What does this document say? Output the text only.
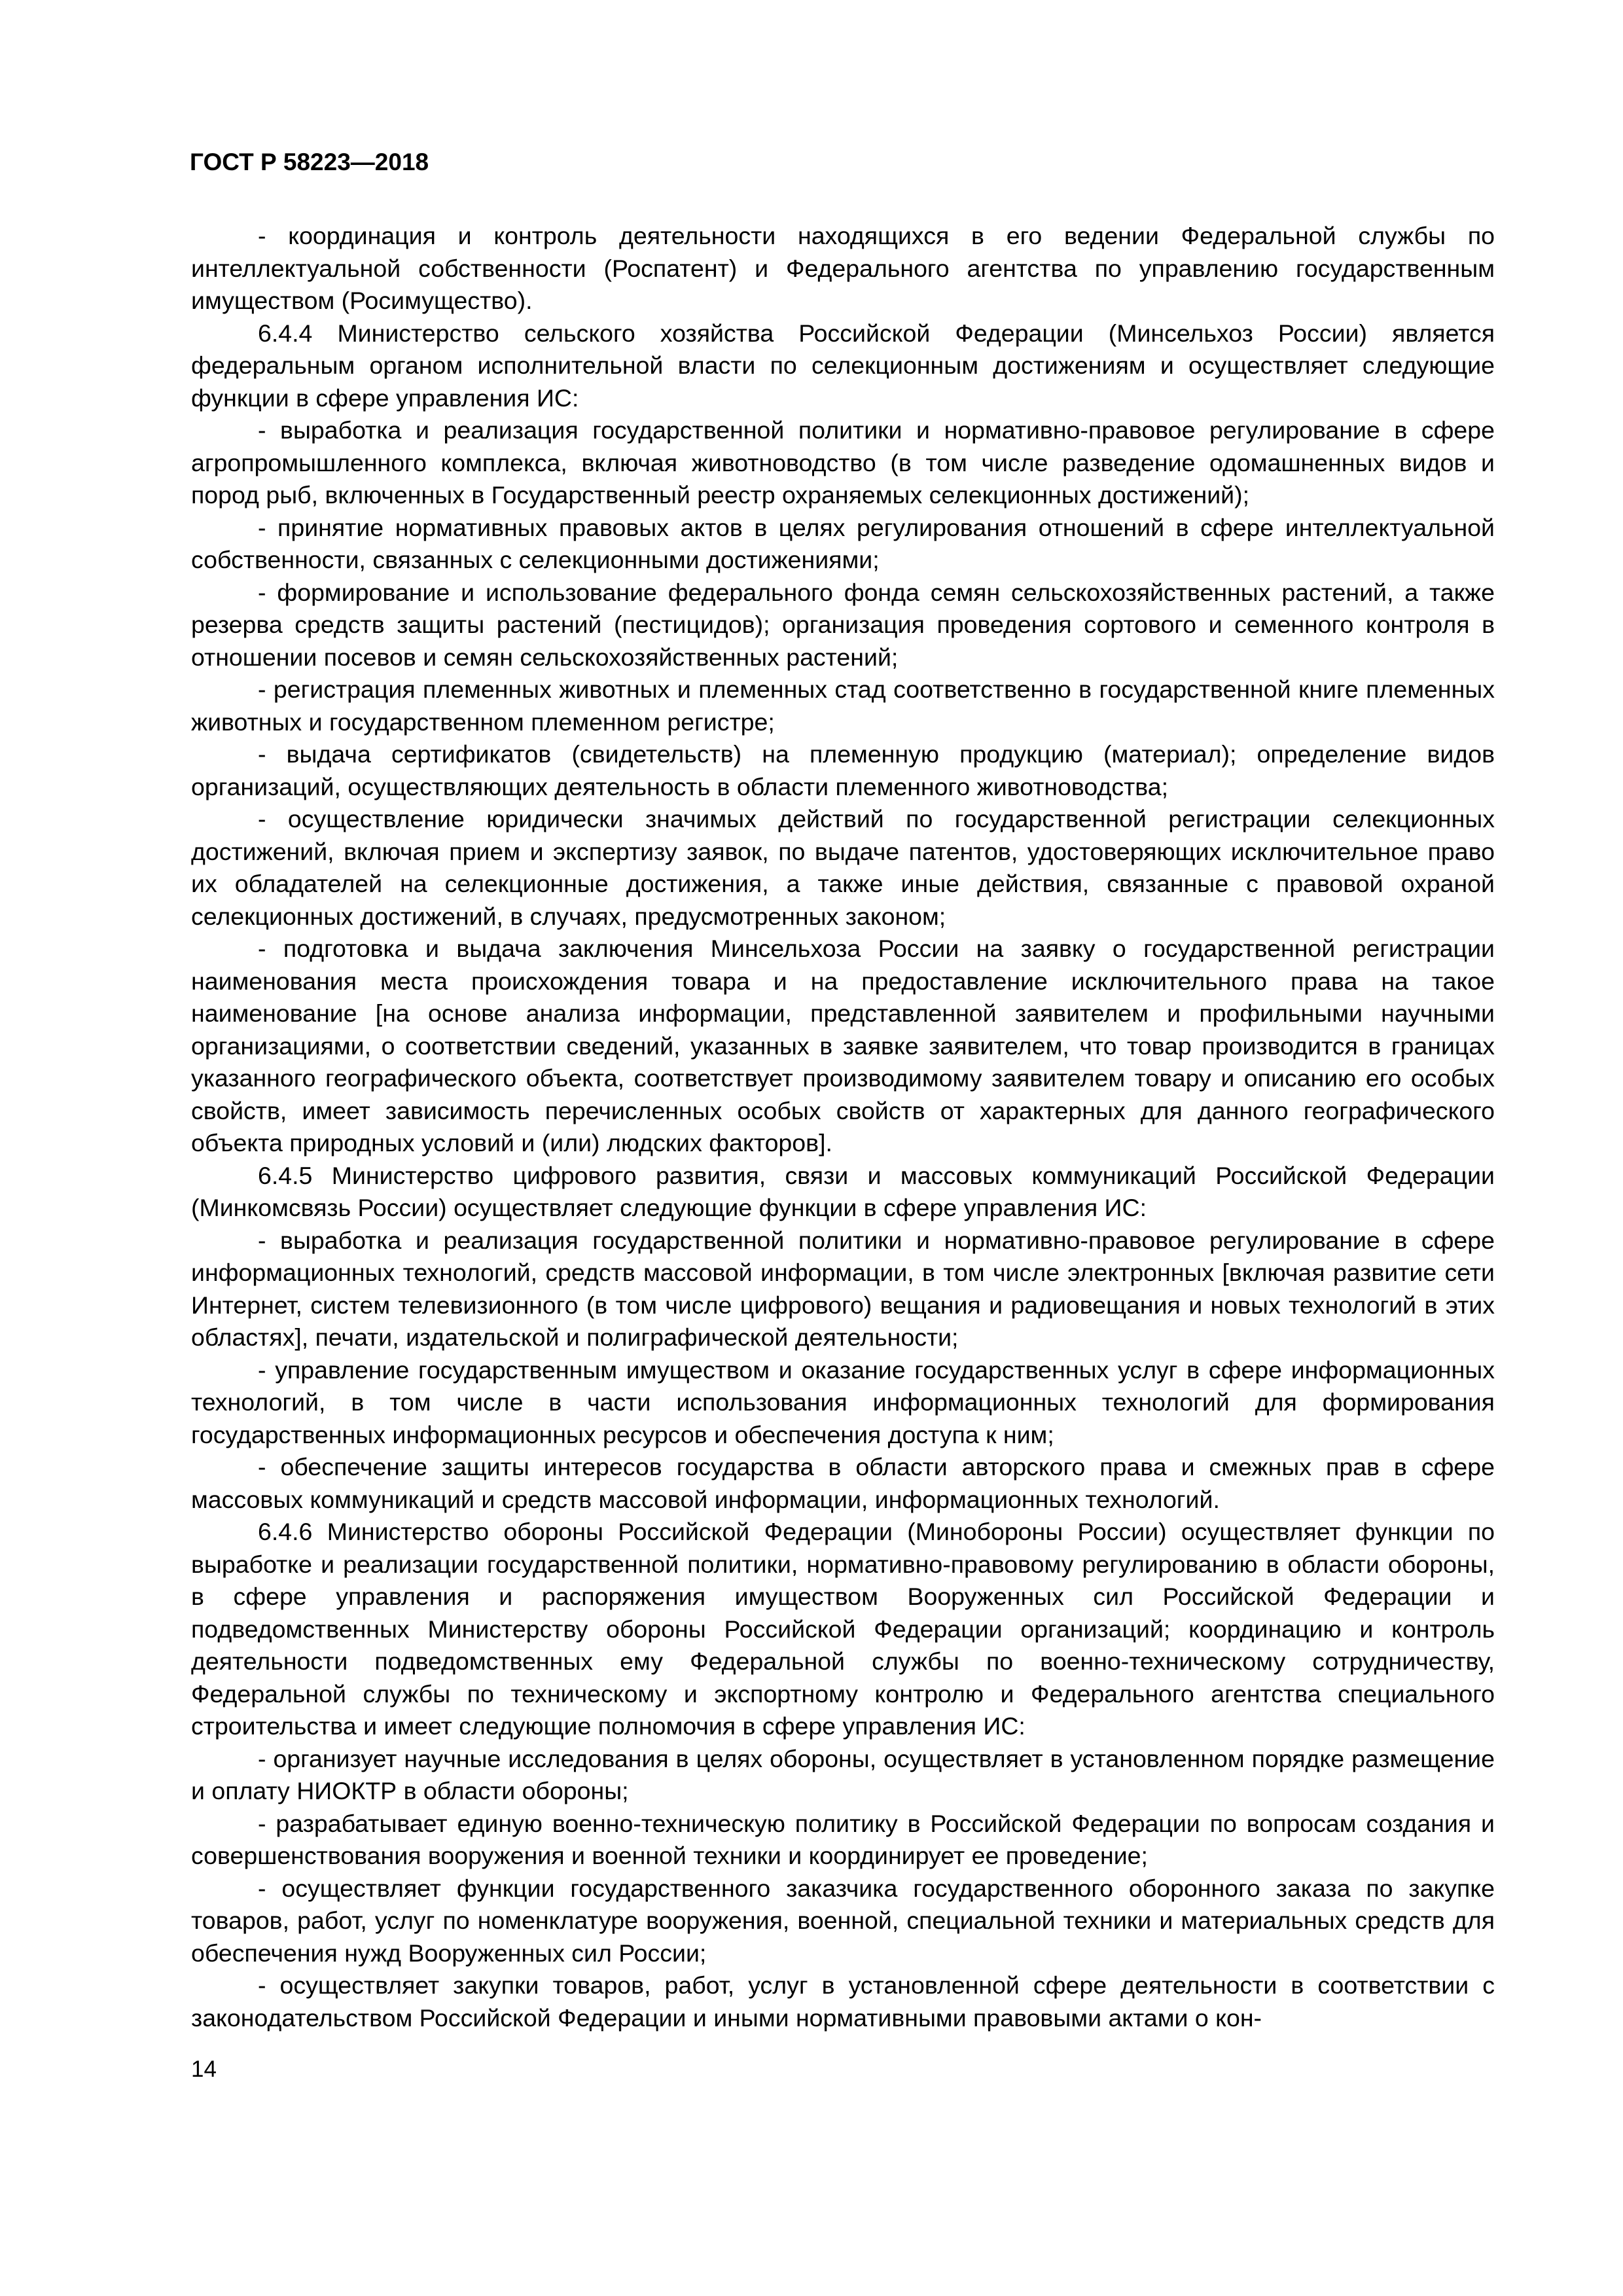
ГОСТ Р 58223—2018

- координация и контроль деятельности находящихся в его ведении Федеральной службы по интеллектуальной собственности (Роспатент) и Федерального агентства по управлению государственным имуществом (Росимущество).

6.4.4 Министерство сельского хозяйства Российской Федерации (Минсельхоз России) является федеральным органом исполнительной власти по селекционным достижениям и осуществляет следующие функции в сфере управления ИС:

- выработка и реализация государственной политики и нормативно-правовое регулирование в сфере агропромышленного комплекса, включая животноводство (в том числе разведение одомашненных видов и пород рыб, включенных в Государственный реестр охраняемых селекционных достижений);

- принятие нормативных правовых актов в целях регулирования отношений в сфере интеллектуальной собственности, связанных с селекционными достижениями;

- формирование и использование федерального фонда семян сельскохозяйственных растений, а также резерва средств защиты растений (пестицидов); организация проведения сортового и семенного контроля в отношении посевов и семян сельскохозяйственных растений;

- регистрация племенных животных и племенных стад соответственно в государственной книге племенных животных и государственном племенном регистре;

- выдача сертификатов (свидетельств) на племенную продукцию (материал); определение видов организаций, осуществляющих деятельность в области племенного животноводства;

- осуществление юридически значимых действий по государственной регистрации селекционных достижений, включая прием и экспертизу заявок, по выдаче патентов, удостоверяющих исключительное право их обладателей на селекционные достижения, а также иные действия, связанные с правовой охраной селекционных достижений, в случаях, предусмотренных законом;

- подготовка и выдача заключения Минсельхоза России на заявку о государственной регистрации наименования места происхождения товара и на предоставление исключительного права на такое наименование [на основе анализа информации, представленной заявителем и профильными научными организациями, о соответствии сведений, указанных в заявке заявителем, что товар производится в границах указанного географического объекта, соответствует производимому заявителем товару и описанию его особых свойств, имеет зависимость перечисленных особых свойств от характерных для данного географического объекта природных условий и (или) людских факторов].

6.4.5 Министерство цифрового развития, связи и массовых коммуникаций Российской Федерации (Минкомсвязь России) осуществляет следующие функции в сфере управления ИС:

- выработка и реализация государственной политики и нормативно-правовое регулирование в сфере информационных технологий, средств массовой информации, в том числе электронных [включая развитие сети Интернет, систем телевизионного (в том числе цифрового) вещания и радиовещания и новых технологий в этих областях], печати, издательской и полиграфической деятельности;

- управление государственным имуществом и оказание государственных услуг в сфере информационных технологий, в том числе в части использования информационных технологий для формирования государственных информационных ресурсов и обеспечения доступа к ним;

- обеспечение защиты интересов государства в области авторского права и смежных прав в сфере массовых коммуникаций и средств массовой информации, информационных технологий.

6.4.6 Министерство обороны Российской Федерации (Минобороны России) осуществляет функции по выработке и реализации государственной политики, нормативно-правовому регулированию в области обороны, в сфере управления и распоряжения имуществом Вооруженных сил Российской Федерации и подведомственных Министерству обороны Российской Федерации организаций; координацию и контроль деятельности подведомственных ему Федеральной службы по военно-техническому сотрудничеству, Федеральной службы по техническому и экспортному контролю и Федерального агентства специального строительства и имеет следующие полномочия в сфере управления ИС:

- организует научные исследования в целях обороны, осуществляет в установленном порядке размещение и оплату НИОКТР в области обороны;

- разрабатывает единую военно-техническую политику в Российской Федерации по вопросам создания и совершенствования вооружения и военной техники и координирует ее проведение;

- осуществляет функции государственного заказчика государственного оборонного заказа по закупке товаров, работ, услуг по номенклатуре вооружения, военной, специальной техники и материальных средств для обеспечения нужд Вооруженных сил России;

- осуществляет закупки товаров, работ, услуг в установленной сфере деятельности в соответствии с законодательством Российской Федерации и иными нормативными правовыми актами о кон-

14
